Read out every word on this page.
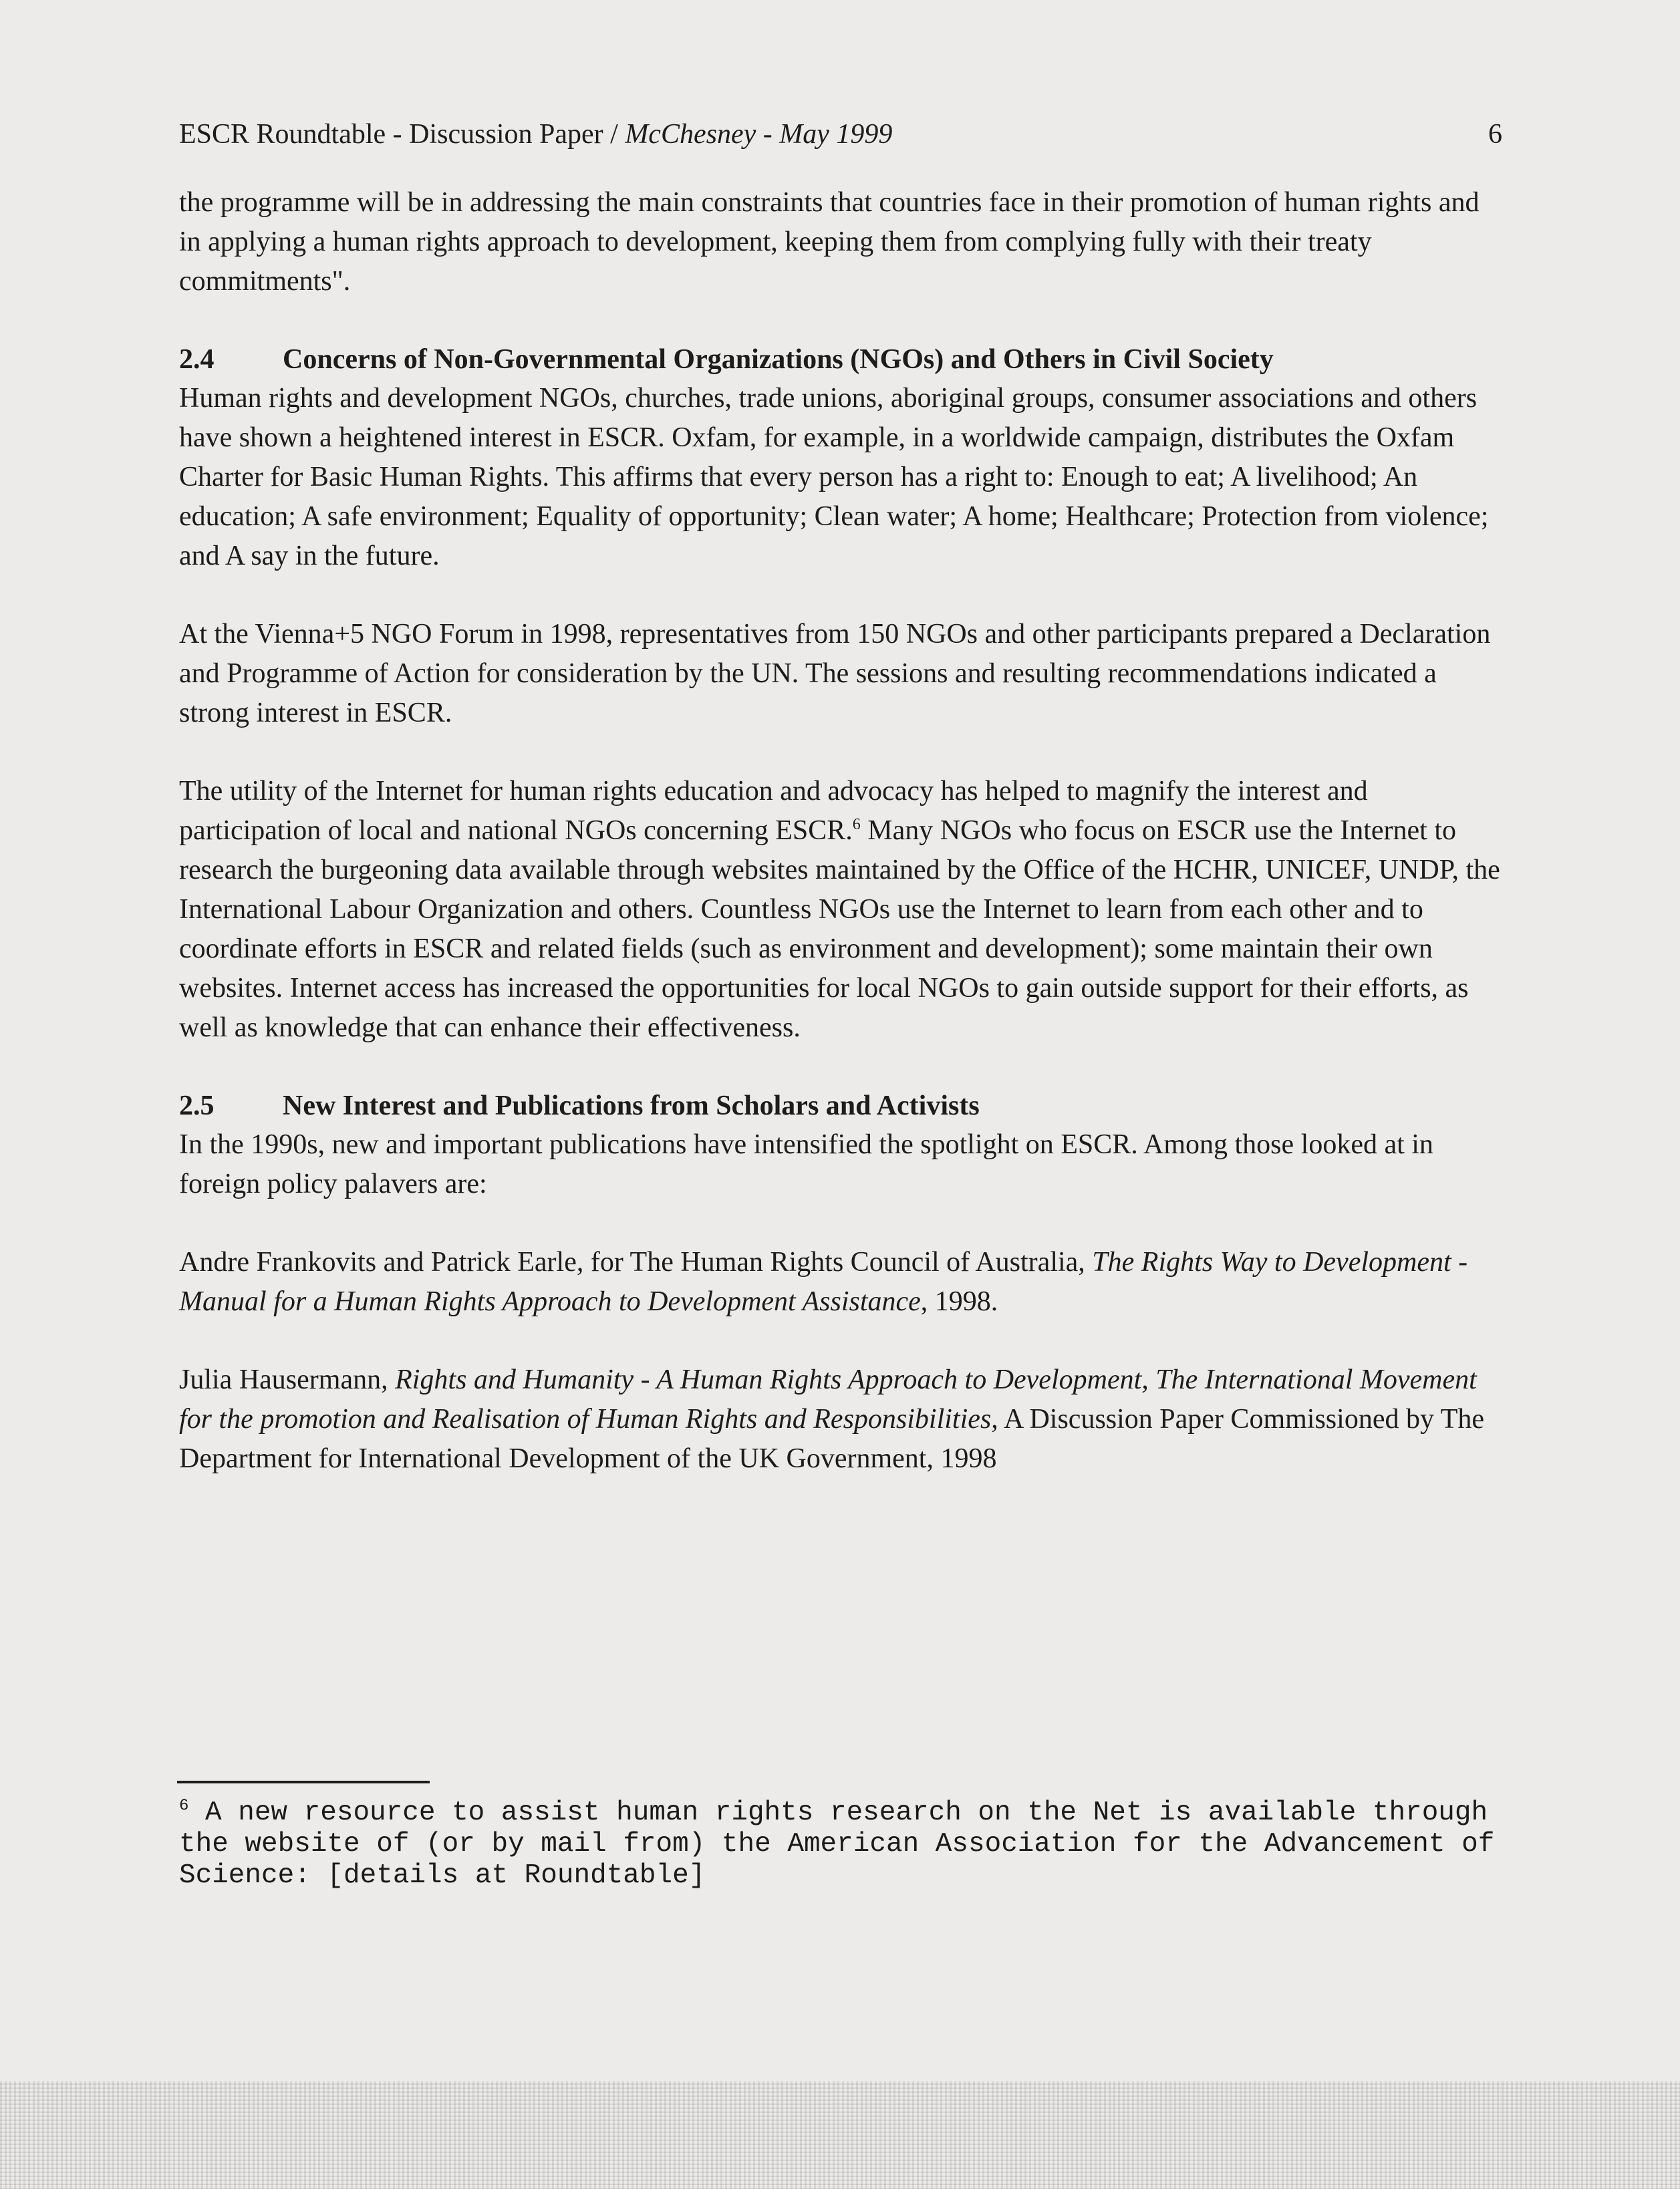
ESCR Roundtable - Discussion Paper / McChesney - May 1999	6

the programme will be in addressing the main constraints that countries face in their promotion of human rights and in applying a human rights approach to development, keeping them from complying fully with their treaty commitments".

2.4	Concerns of Non-Governmental Organizations (NGOs) and Others in Civil Society

Human rights and development NGOs, churches, trade unions, aboriginal groups, consumer associations and others have shown a heightened interest in ESCR. Oxfam, for example, in a worldwide campaign, distributes the Oxfam Charter for Basic Human Rights. This affirms that every person has a right to: Enough to eat; A livelihood; An education; A safe environment; Equality of opportunity; Clean water; A home; Healthcare; Protection from violence; and A say in the future.

At the Vienna+5 NGO Forum in 1998, representatives from 150 NGOs and other participants prepared a Declaration and Programme of Action for consideration by the UN. The sessions and resulting recommendations indicated a strong interest in ESCR.

The utility of the Internet for human rights education and advocacy has helped to magnify the interest and participation of local and national NGOs concerning ESCR.$^6$ Many NGOs who focus on ESCR use the Internet to research the burgeoning data available through websites maintained by the Office of the HCHR, UNICEF, UNDP, the International Labour Organization and others. Countless NGOs use the Internet to learn from each other and to coordinate efforts in ESCR and related fields (such as environment and development); some maintain their own websites. Internet access has increased the opportunities for local NGOs to gain outside support for their efforts, as well as knowledge that can enhance their effectiveness.

2.5	New Interest and Publications from Scholars and Activists

In the 1990s, new and important publications have intensified the spotlight on ESCR. Among those looked at in foreign policy palavers are:

Andre Frankovits and Patrick Earle, for The Human Rights Council of Australia, The Rights Way to Development - Manual for a Human Rights Approach to Development Assistance, 1998.

Julia Hausermann, Rights and Humanity - A Human Rights Approach to Development, The International Movement for the promotion and Realisation of Human Rights and Responsibilities, A Discussion Paper Commissioned by The Department for International Development of the UK Government, 1998

$^6$ A new resource to assist human rights research on the Net is available through the website of (or by mail from) the American Association for the Advancement of Science: [details at Roundtable]
